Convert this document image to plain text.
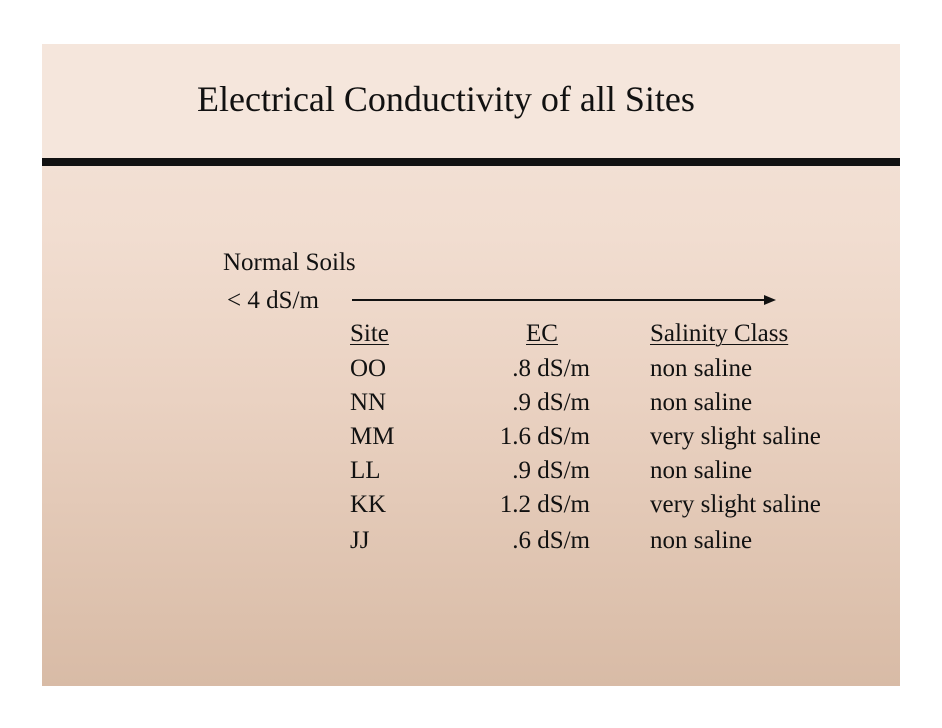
Electrical Conductivity of all Sites
Normal Soils
< 4 dS/m
Site	EC	Salinity Class
OO	.8 dS/m non saline
NN	.9 dS/m non saline
MM	1.6 dS/m very slight saline
LL	.9 dS/m non saline
KK	1.2 dS/m very slight saline
JJ	.6 dS/m non saline
